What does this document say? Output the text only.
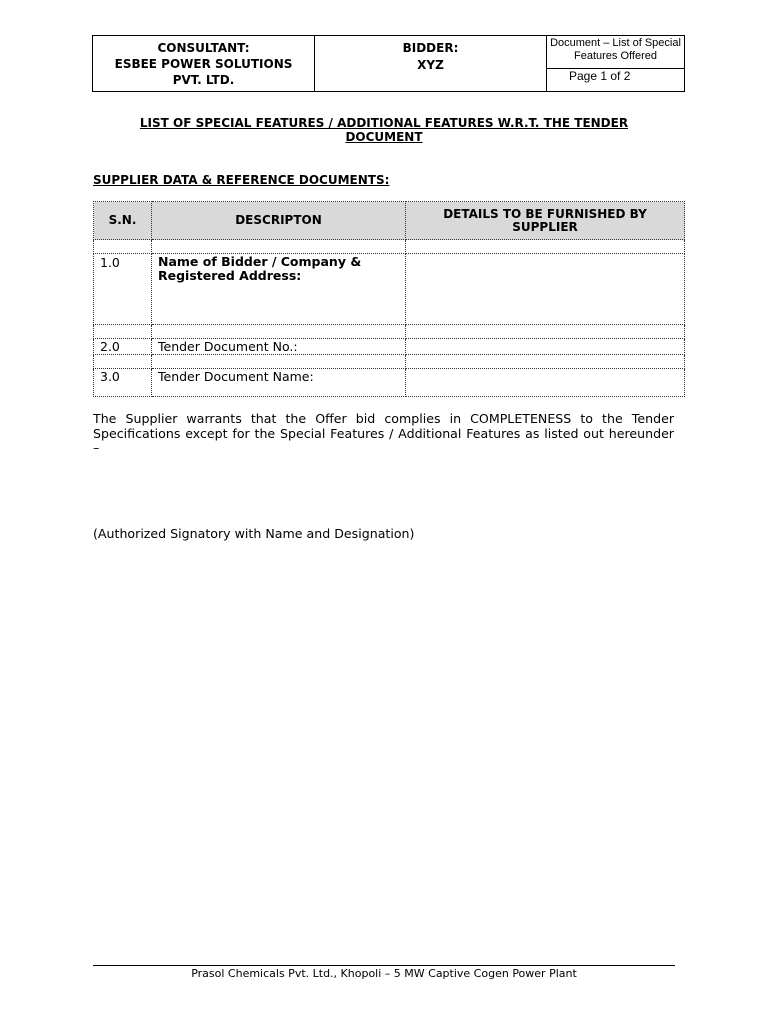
CONSULTANT:
ESBEE POWER SOLUTIONS
PVT. LTD.

BIDDER:
XYZ

Document – List of Special
Features Offered

Page 1 of 2
LIST OF SPECIAL FEATURES / ADDITIONAL FEATURES W.R.T. THE TENDER
DOCUMENT
SUPPLIER DATA & REFERENCE DOCUMENTS:
S.N.	DESCRIPTON	DETAILS TO BE FURNISHED BY
SUPPLIER

1.0	Name of Bidder / Company &
Registered Address:	

2.0	Tender Document No.:	

3.0	Tender Document Name:	
The Supplier warrants that the Offer bid complies in COMPLETENESS to the Tender Specifications except for the Special Features / Additional Features as listed out hereunder –
(Authorized Signatory with Name and Designation)
Prasol Chemicals Pvt. Ltd., Khopoli – 5 MW Captive Cogen Power Plant
